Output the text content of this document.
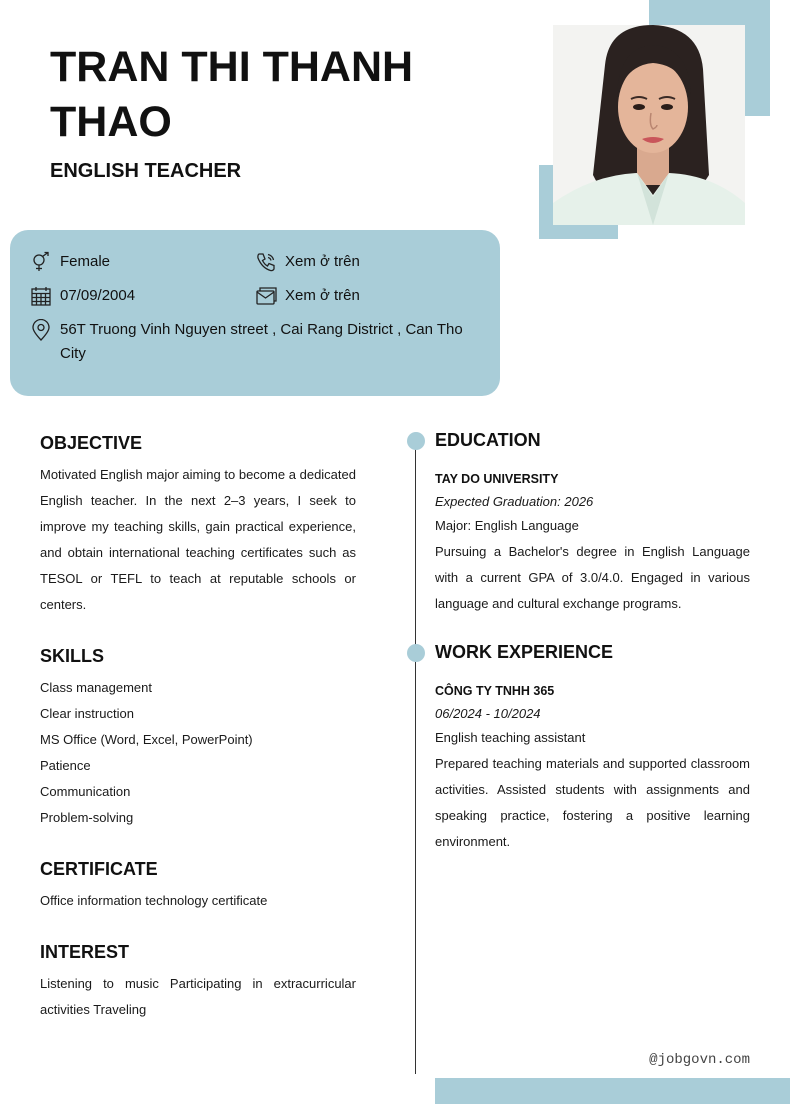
TRAN THI THANH THAO
ENGLISH TEACHER
Female	Xem ở trên
07/09/2004	Xem ở trên
56T Truong Vinh Nguyen street , Cai Rang District , Can Tho City
OBJECTIVE

Motivated English major aiming to become a dedicated English teacher. In the next 2–3 years, I seek to improve my teaching skills, gain practical experience, and obtain international teaching certificates such as TESOL or TEFL to teach at reputable schools or centers.

SKILLS
Class management
Clear instruction
MS Office (Word, Excel, PowerPoint)
Patience
Communication
Problem-solving
CERTIFICATE

Office information technology certificate

INTEREST

Listening to music Participating in extracurricular activities Traveling

EDUCATION
TAY DO UNIVERSITY
Expected Graduation: 2026
Major: English Language

Pursuing a Bachelor's degree in English Language with a current GPA of 3.0/4.0. Engaged in various language and cultural exchange programs.

WORK EXPERIENCE
CÔNG TY TNHH 365
06/2024 - 10/2024
English teaching assistant

Prepared teaching materials and supported classroom activities. Assisted students with assignments and speaking practice, fostering a positive learning environment.

@jobgovn.com
